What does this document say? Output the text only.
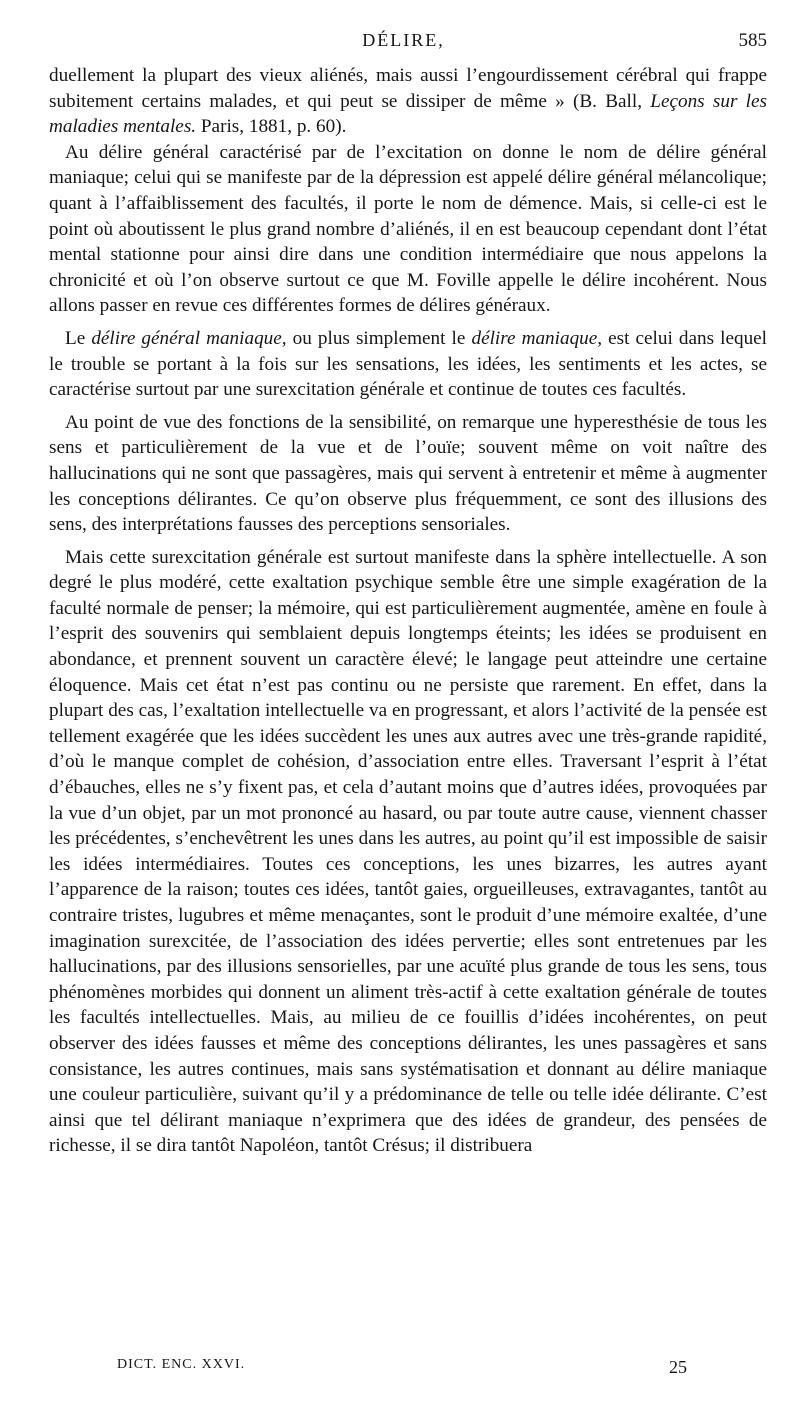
DÉLIRE,	585

duellement la plupart des vieux aliénés, mais aussi l’engourdissement cérébral qui frappe subitement certains malades, et qui peut se dissiper de même » (B. Ball, Leçons sur les maladies mentales. Paris, 1881, p. 60).

Au délire général caractérisé par de l’excitation on donne le nom de délire général maniaque; celui qui se manifeste par de la dépression est appelé délire général mélancolique; quant à l’affaiblissement des facultés, il porte le nom de démence. Mais, si celle-ci est le point où aboutissent le plus grand nombre d’aliénés, il en est beaucoup cependant dont l’état mental stationne pour ainsi dire dans une condition intermédiaire que nous appelons la chronicité et où l’on observe surtout ce que M. Foville appelle le délire incohérent. Nous allons passer en revue ces différentes formes de délires généraux.

Le délire général maniaque, ou plus simplement le délire maniaque, est celui dans lequel le trouble se portant à la fois sur les sensations, les idées, les sentiments et les actes, se caractérise surtout par une surexcitation générale et continue de toutes ces facultés.

Au point de vue des fonctions de la sensibilité, on remarque une hyperesthésie de tous les sens et particulièrement de la vue et de l’ouïe; souvent même on voit naître des hallucinations qui ne sont que passagères, mais qui servent à entretenir et même à augmenter les conceptions délirantes. Ce qu’on observe plus fréquemment, ce sont des illusions des sens, des interprétations fausses des perceptions sensoriales.

Mais cette surexcitation générale est surtout manifeste dans la sphère intellectuelle. A son degré le plus modéré, cette exaltation psychique semble être une simple exagération de la faculté normale de penser; la mémoire, qui est particulièrement augmentée, amène en foule à l’esprit des souvenirs qui semblaient depuis longtemps éteints; les idées se produisent en abondance, et prennent souvent un caractère élevé; le langage peut atteindre une certaine éloquence. Mais cet état n’est pas continu ou ne persiste que rarement. En effet, dans la plupart des cas, l’exaltation intellectuelle va en progressant, et alors l’activité de la pensée est tellement exagérée que les idées succèdent les unes aux autres avec une très-grande rapidité, d’où le manque complet de cohésion, d’association entre elles. Traversant l’esprit à l’état d’ébauches, elles ne s’y fixent pas, et cela d’autant moins que d’autres idées, provoquées par la vue d’un objet, par un mot prononcé au hasard, ou par toute autre cause, viennent chasser les précédentes, s’enchevêtrent les unes dans les autres, au point qu’il est impossible de saisir les idées intermédiaires. Toutes ces conceptions, les unes bizarres, les autres ayant l’apparence de la raison; toutes ces idées, tantôt gaies, orgueilleuses, extravagantes, tantôt au contraire tristes, lugubres et même menaçantes, sont le produit d’une mémoire exaltée, d’une imagination surexcitée, de l’association des idées pervertie; elles sont entretenues par les hallucinations, par des illusions sensorielles, par une acuïté plus grande de tous les sens, tous phénomènes morbides qui donnent un aliment très-actif à cette exaltation générale de toutes les facultés intellectuelles. Mais, au milieu de ce fouillis d’idées incohérentes, on peut observer des idées fausses et même des conceptions délirantes, les unes passagères et sans consistance, les autres continues, mais sans systématisation et donnant au délire maniaque une couleur particulière, suivant qu’il y a prédominance de telle ou telle idée délirante. C’est ainsi que tel délirant maniaque n’exprimera que des idées de grandeur, des pensées de richesse, il se dira tantôt Napoléon, tantôt Crésus; il distribuera

DICT. ENC. XXVI.	25
